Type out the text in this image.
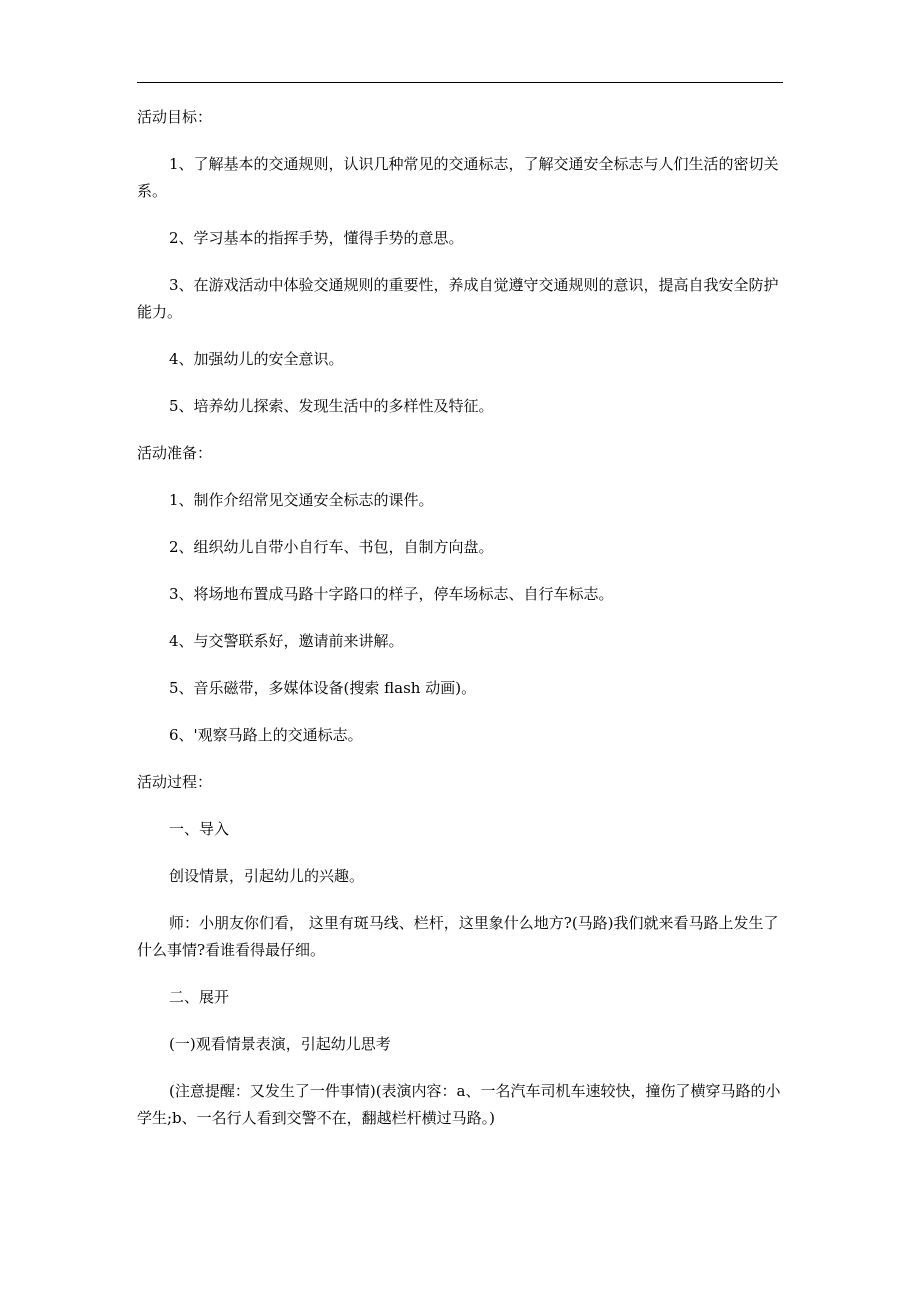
活动目标：
1、了解基本的交通规则，认识几种常见的交通标志，了解交通安全标志与人们生活的密切关系。
2、学习基本的指挥手势，懂得手势的意思。
3、在游戏活动中体验交通规则的重要性，养成自觉遵守交通规则的意识，提高自我安全防护能力。
4、加强幼儿的安全意识。
5、培养幼儿探索、发现生活中的多样性及特征。
活动准备：
1、制作介绍常见交通安全标志的课件。
2、组织幼儿自带小自行车、书包，自制方向盘。
3、将场地布置成马路十字路口的样子，停车场标志、自行车标志。
4、与交警联系好，邀请前来讲解。
5、音乐磁带，多媒体设备(搜索 flash 动画)。
6、'观察马路上的交通标志。
活动过程：
一、导入
创设情景，引起幼儿的兴趣。
师：小朋友你们看， 这里有斑马线、栏杆，这里象什么地方?(马路)我们就来看马路上发生了什么事情?看谁看得最仔细。
二、展开
(一)观看情景表演，引起幼儿思考
(注意提醒：又发生了一件事情)(表演内容：a、一名汽车司机车速较快，撞伤了横穿马路的小学生;b、一名行人看到交警不在，翻越栏杆横过马路。)
